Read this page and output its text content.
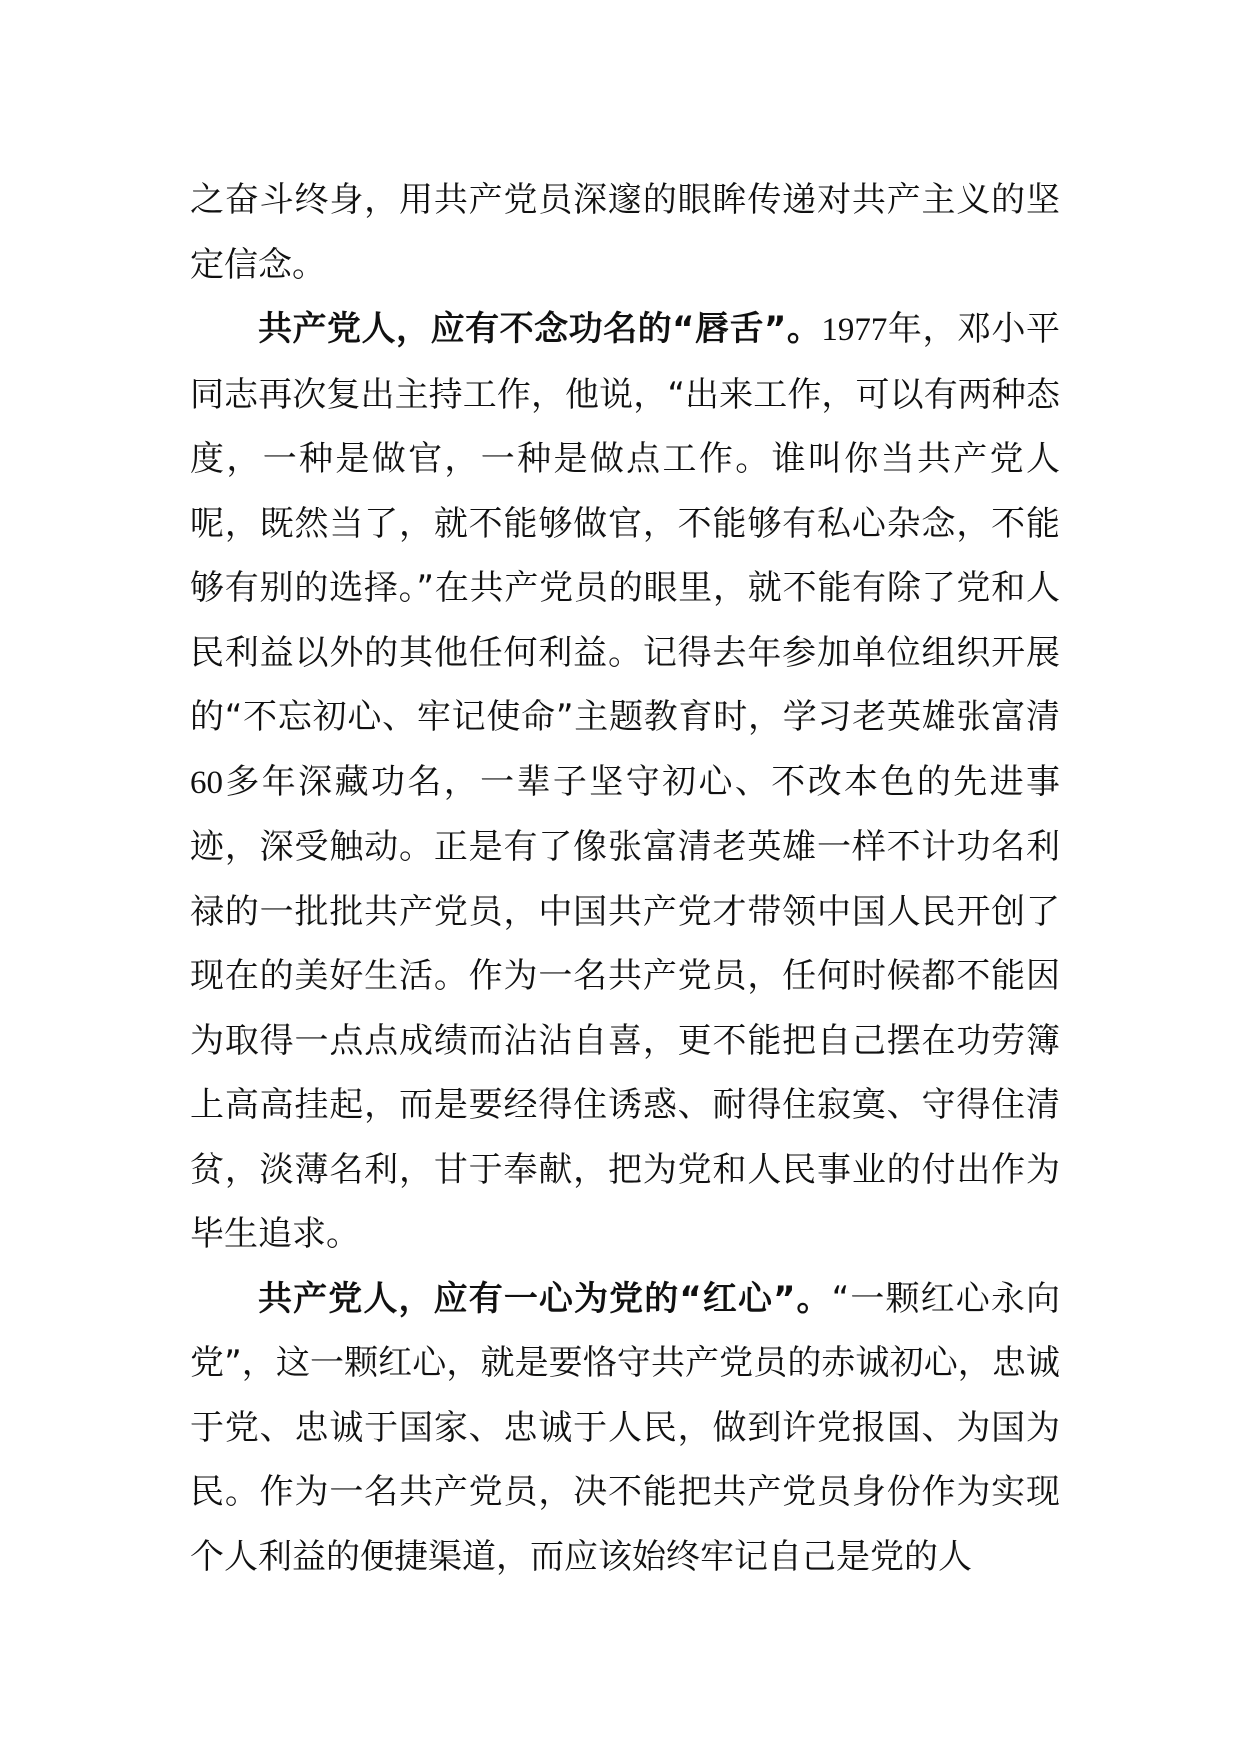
之奋斗终身，用共产党员深邃的眼眸传递对共产主义的坚定信念。

共产党人，应有不念功名的“唇舌”。1977年，邓小平同志再次复出主持工作，他说，“出来工作，可以有两种态度，一种是做官，一种是做点工作。谁叫你当共产党人呢，既然当了，就不能够做官，不能够有私心杂念，不能够有别的选择。”在共产党员的眼里，就不能有除了党和人民利益以外的其他任何利益。记得去年参加单位组织开展的“不忘初心、牢记使命”主题教育时，学习老英雄张富清60多年深藏功名，一辈子坚守初心、不改本色的先进事迹，深受触动。正是有了像张富清老英雄一样不计功名利禄的一批批共产党员，中国共产党才带领中国人民开创了现在的美好生活。作为一名共产党员，任何时候都不能因为取得一点点成绩而沾沾自喜，更不能把自己摆在功劳簿上高高挂起，而是要经得住诱惑、耐得住寂寞、守得住清贫，淡薄名利，甘于奉献，把为党和人民事业的付出作为毕生追求。

共产党人，应有一心为党的“红心”。“一颗红心永向党”，这一颗红心，就是要恪守共产党员的赤诚初心，忠诚于党、忠诚于国家、忠诚于人民，做到许党报国、为国为民。作为一名共产党员，决不能把共产党员身份作为实现个人利益的便捷渠道，而应该始终牢记自己是党的人
